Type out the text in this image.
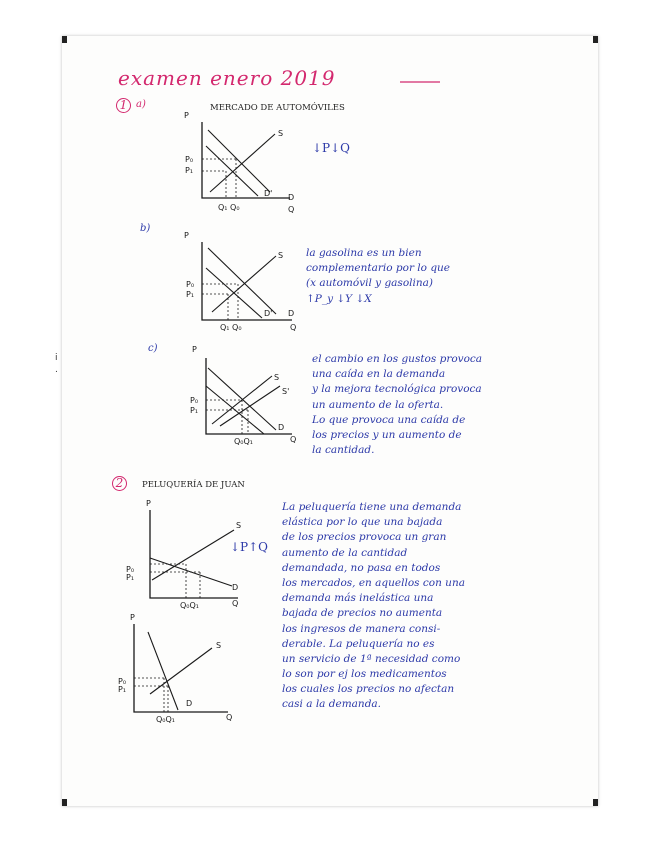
i
.
examen enero 2019
1 a)	MERCADO DE AUTOMÓVILES
P
S
D' D
Q
P₀
P₁
Q₁ Q₀
↓P↓Q
b)
P
S
D' D
Q
P₀
P₁
Q₁ Q₀
la gasolina es un bien
complementario por lo que
(x automóvil y gasolina)
↑P_y ↓Y ↓X
c)	P
S
S'
D
Q
P₀
P₁
Q₀Q₁
el cambio en los gustos provoca
una caída en la demanda
y la mejora tecnológica provoca
un aumento de la oferta.
Lo que provoca una caída de
los precios y un aumento de
la cantidad.
2	PELUQUERÍA DE JUAN
P
S
D
Q
P₀
P₁
Q₀Q₁
↓P↑Q
P
S
D
Q
P₀
P₁
Q₀Q₁
La peluquería tiene una demanda
elástica por lo que una bajada
de los precios provoca un gran
aumento de la cantidad
demandada, no pasa en todos
los mercados, en aquellos con una
demanda más inelástica una
bajada de precios no aumenta
los ingresos de manera consi-
derable. La peluquería no es
un servicio de 1ª necesidad como
lo son por ej los medicamentos
los cuales los precios no afectan
casi a la demanda.
